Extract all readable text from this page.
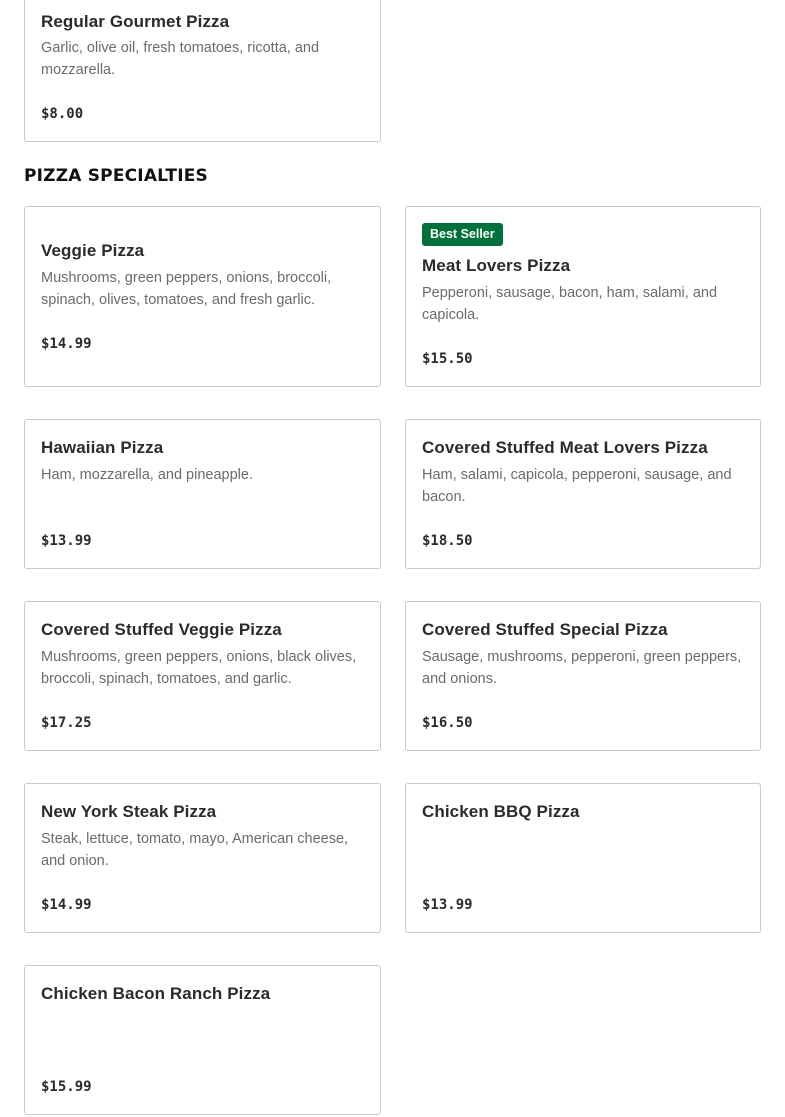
Regular Gourmet Pizza
Garlic, olive oil, fresh tomatoes, ricotta, and mozzarella.
$8.00
PIZZA SPECIALTIES
Veggie Pizza
Mushrooms, green peppers, onions, broccoli, spinach, olives, tomatoes, and fresh garlic.
$14.99
Best Seller
Meat Lovers Pizza
Pepperoni, sausage, bacon, ham, salami, and capicola.
$15.50
Hawaiian Pizza
Ham, mozzarella, and pineapple.
$13.99
Covered Stuffed Meat Lovers Pizza
Ham, salami, capicola, pepperoni, sausage, and bacon.
$18.50
Covered Stuffed Veggie Pizza
Mushrooms, green peppers, onions, black olives, broccoli, spinach, tomatoes, and garlic.
$17.25
Covered Stuffed Special Pizza
Sausage, mushrooms, pepperoni, green peppers, and onions.
$16.50
New York Steak Pizza
Steak, lettuce, tomato, mayo, American cheese, and onion.
$14.99
Chicken BBQ Pizza
$13.99
Chicken Bacon Ranch Pizza
$15.99
